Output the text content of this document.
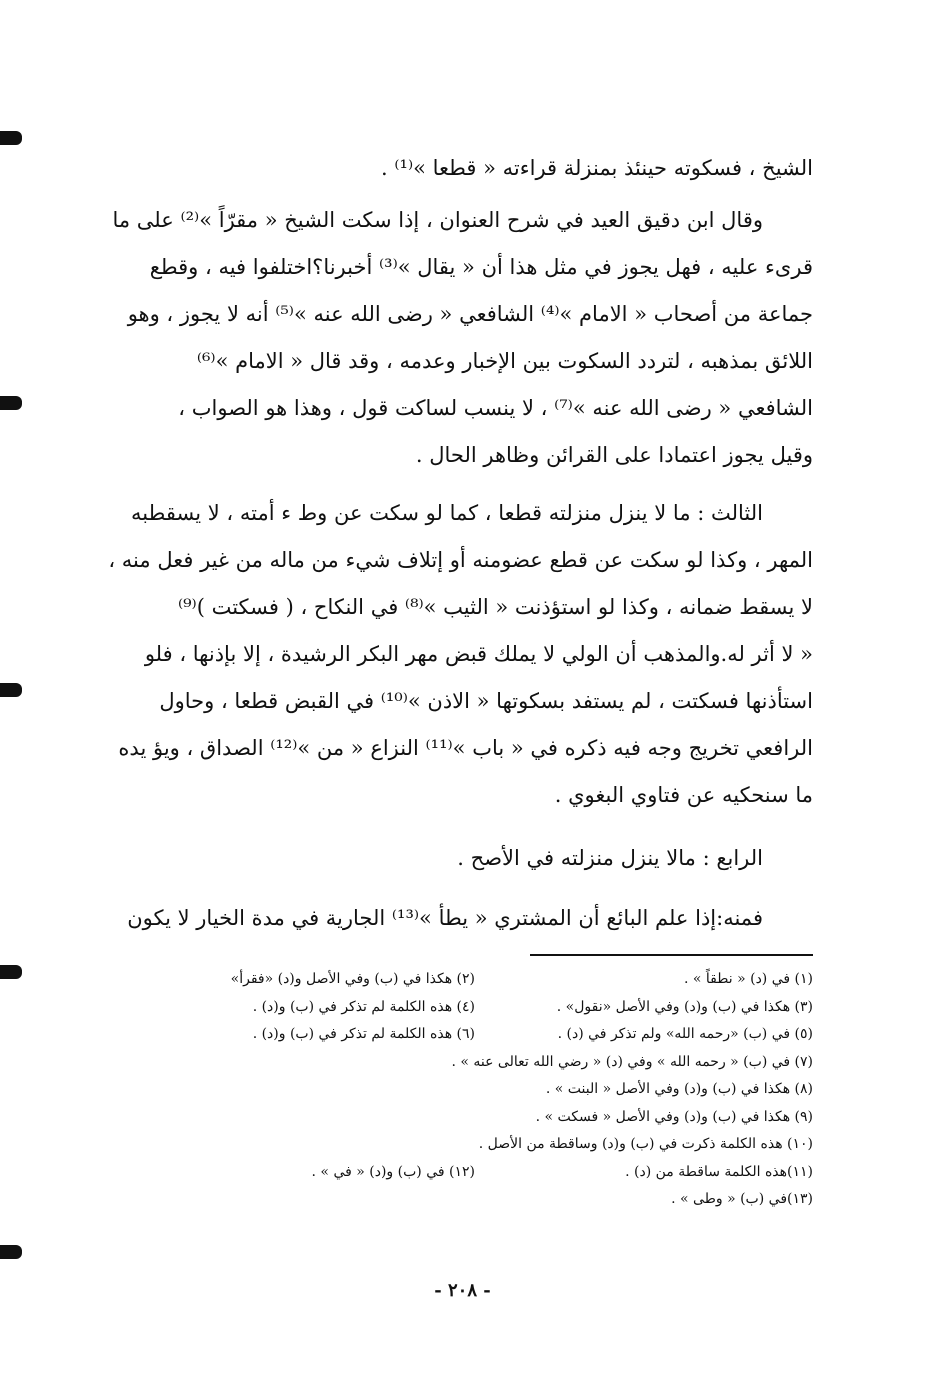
الشيخ ، فسكوته حينئذ بمنزلة قراءته « قطعا »⁽¹⁾ .
وقال ابن دقيق العيد في شرح العنوان ، إذا سكت الشيخ « مقرّاً »⁽²⁾ على ما
قرىء عليه ، فهل يجوز في مثل هذا أن « يقال »⁽³⁾ أخبرنا؟اختلفوا فيه ، وقطع
جماعة من أصحاب « الامام »⁽⁴⁾ الشافعي « رضى الله عنه »⁽⁵⁾ أنه لا يجوز ، وهو
اللائق بمذهبه ، لتردد السكوت بين الإخبار وعدمه ، وقد قال « الامام »⁽⁶⁾
الشافعي « رضى الله عنه »⁽⁷⁾ ، لا ينسب لساكت قول ، وهذا هو الصواب ،
وقيل يجوز اعتمادا على القرائن وظاهر الحال .
الثالث : ما لا ينزل منزلته قطعا ، كما لو سكت عن وط ء أمته ، لا يسقطبه
المهر ، وكذا لو سكت عن قطع عضومنه أو إتلاف شيء من ماله من غير فعل منه ،
لا يسقط ضمانه ، وكذا لو استؤذنت « الثيب »⁽⁸⁾ في النكاح ، ( فسكتت )⁽⁹⁾
« لا أثر له.والمذهب أن الولي لا يملك قبض مهر البكر الرشيدة ، إلا بإذنها ، فلو
استأذنها فسكتت ، لم يستفد بسكوتها « الاذن »⁽¹⁰⁾ في القبض قطعا ، وحاول
الرافعي تخريج وجه فيه ذكره في « باب »⁽¹¹⁾ النزاع « من »⁽¹²⁾ الصداق ، ويؤ يده
ما سنحكيه عن فتاوي البغوي .
الرابع : مالا ينزل منزلته في الأصح .
فمنه:إذا علم البائع أن المشتري « يطأ »⁽¹³⁾ الجارية في مدة الخيار لا يكون
(١) في (د) « نطقاً » .
(٣) هكذا في (ب) و(د) وفي الأصل «نقول» .
(٥) في (ب) «رحمه الله» ولم تذكر في (د) .
(٧) في (ب) « رحمه الله » وفي (د) « رضي الله تعالى عنه » .
(٨) هكذا في (ب) و(د) وفي الأصل « البنت » .
(٩) هكذا في (ب) و(د) وفي الأصل « فسكت » .
(١٠) هذه الكلمة ذكرت في (ب) و(د) وساقطة من الأصل .
(١١)هذه الكلمة ساقطة من (د) .
(١٣)في (ب) « وطى » .
(٢) هكذا في (ب) وفي الأصل و(د) «فقرأ»
(٤) هذه الكلمة لم تذكر في (ب) و(د) .
(٦) هذه الكلمة لم تذكر في (ب) و(د) .
(١٢) في (ب) و(د) « في » .
- ٢٠٨ -
